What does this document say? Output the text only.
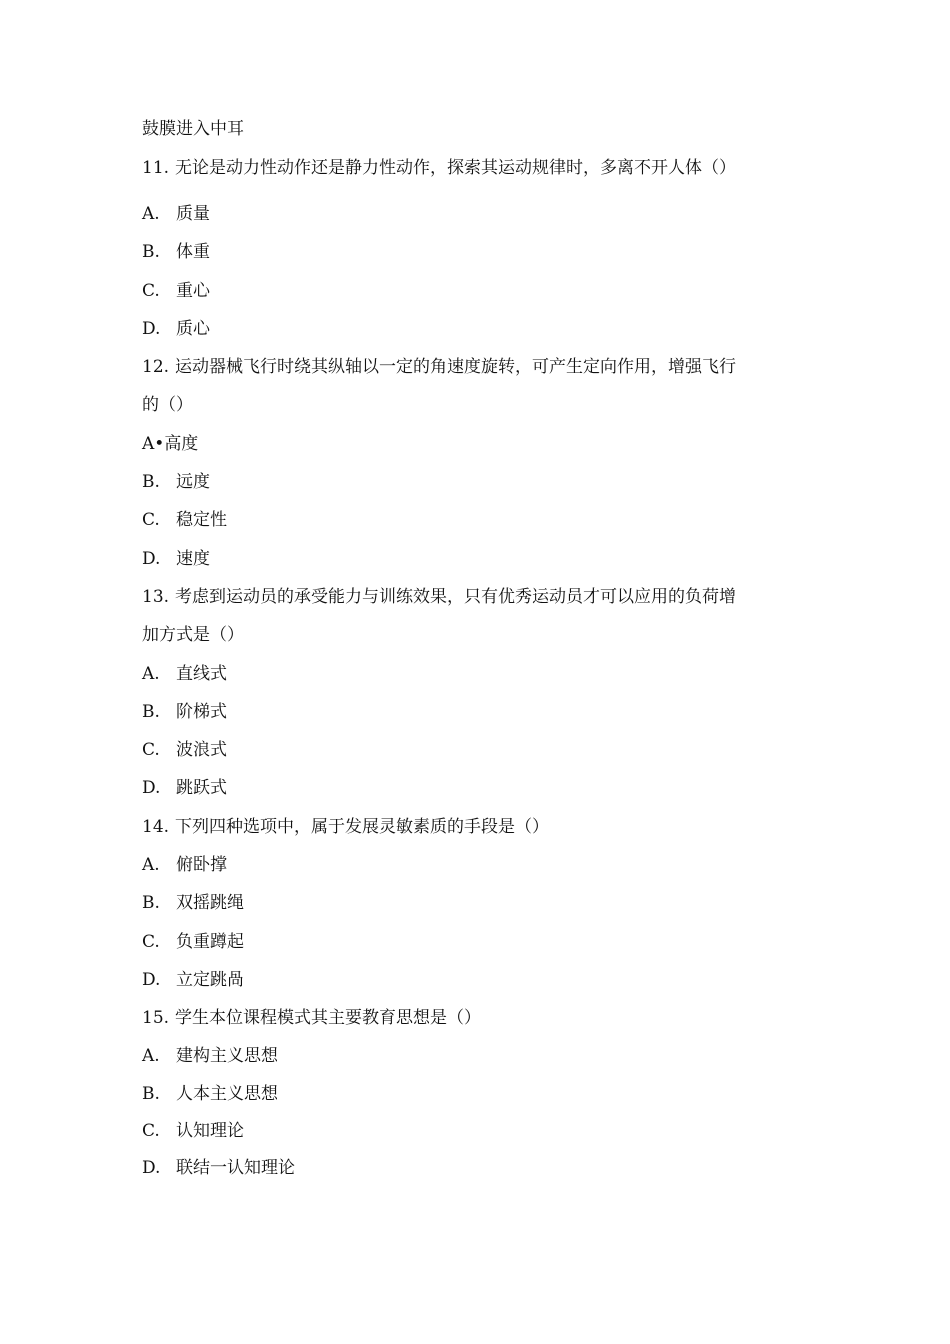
鼓膜进入中耳
11. 无论是动力性动作还是静力性动作，探索其运动规律时，多离不开人体（）
A. 质量
B. 体重
C. 重心
D. 质心
12. 运动器械飞行时绕其纵轴以一定的角速度旋转，可产生定向作用，增强飞行
的（）
A•高度
B. 远度
C. 稳定性
D. 速度
13. 考虑到运动员的承受能力与训练效果，只有优秀运动员才可以应用的负荷增
加方式是（）
A. 直线式
B. 阶梯式
C. 波浪式
D. 跳跃式
14. 下列四种选项中，属于发展灵敏素质的手段是（）
A. 俯卧撑
B. 双摇跳绳
C. 负重蹲起
D. 立定跳咼
15. 学生本位课程模式其主要教育思想是（）
A. 建构主义思想
B. 人本主义思想
C. 认知理论
D. 联结一认知理论
